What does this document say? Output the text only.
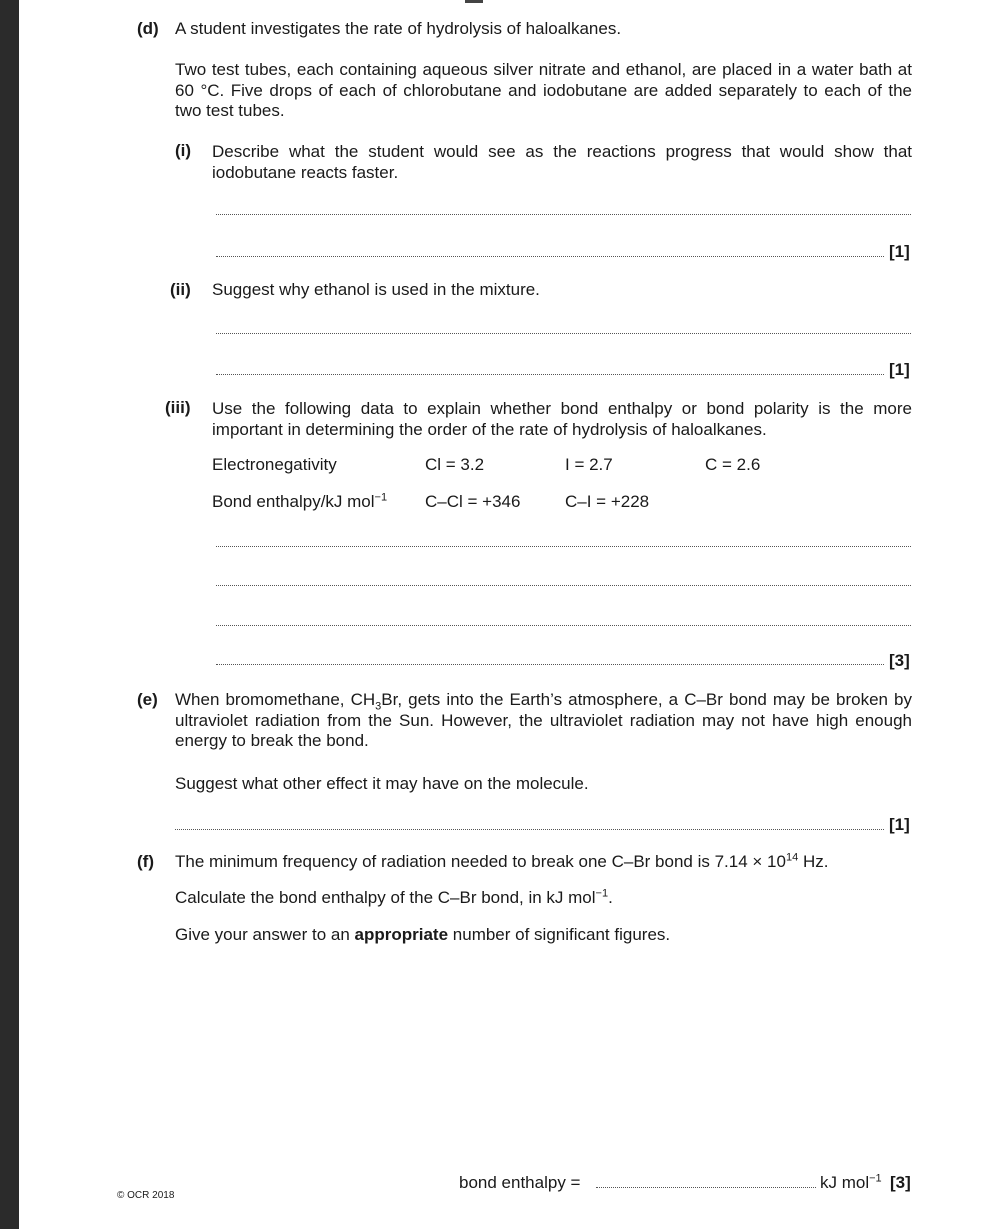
(d) A student investigates the rate of hydrolysis of haloalkanes.
Two test tubes, each containing aqueous silver nitrate and ethanol, are placed in a water bath at 60 °C. Five drops of each of chlorobutane and iodobutane are added separately to each of the two test tubes.
(i) Describe what the student would see as the reactions progress that would show that iodobutane reacts faster.
[1]
(ii) Suggest why ethanol is used in the mixture.
[1]
(iii) Use the following data to explain whether bond enthalpy or bond polarity is the more important in determining the order of the rate of hydrolysis of haloalkanes.
Electronegativity	Cl = 3.2	I = 2.7	C = 2.6
Bond enthalpy/kJ mol$^{-1}$ C–Cl = +346	C–I = +228
[3]
(e) When bromomethane, $CH_3Br$, gets into the Earth’s atmosphere, a C–Br bond may be broken by ultraviolet radiation from the Sun. However, the ultraviolet radiation may not have high enough energy to break the bond.
Suggest what other effect it may have on the molecule.
[1]
(f) The minimum frequency of radiation needed to break one C–Br bond is $7.14 \times 10^{14}$ Hz.
Calculate the bond enthalpy of the C–Br bond, in kJ mol$^{-1}$.
Give your answer to an appropriate number of significant figures.
bond enthalpy =	kJ mol$^{-1}$ [3]
© OCR 2018
